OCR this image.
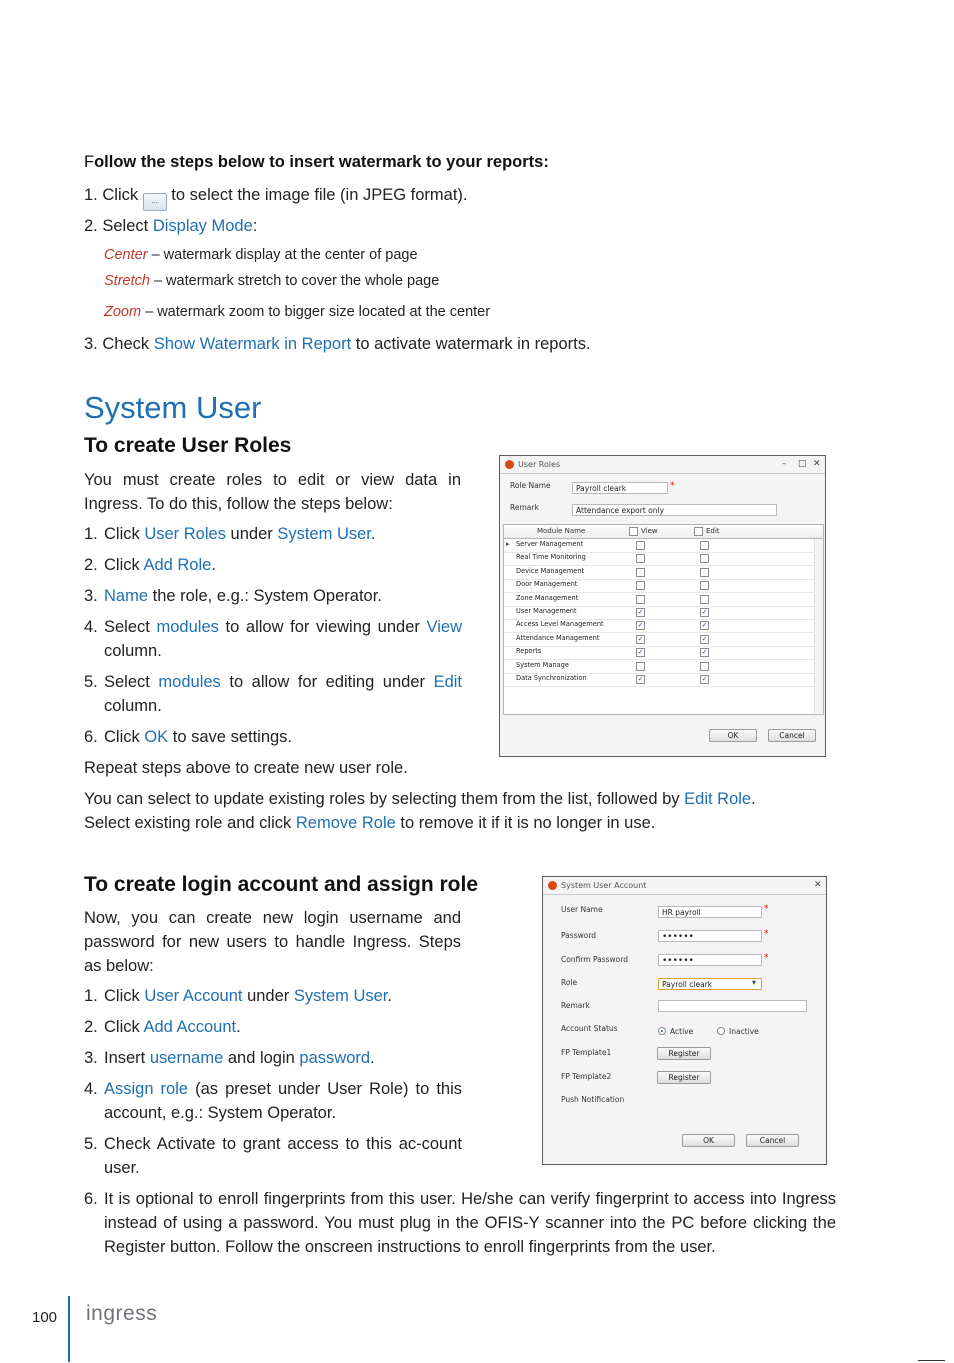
Follow the steps below to insert watermark to your reports:
1. Click ... to select the image file (in JPEG format).
2. Select Display Mode:
Center – watermark display at the center of page
Stretch – watermark stretch to cover the whole page
Zoom – watermark zoom to bigger size located at the center
3. Check Show Watermark in Report to activate watermark in reports.
System User
To create User Roles
You must create roles to edit or view data in Ingress. To do this, follow the steps below:
1. Click User Roles under System User.
2. Click Add Role.
3. Name the role, e.g.: System Operator.
4. Select modules to allow for viewing under View column.
5. Select modules to allow for editing under Edit column.
6. Click OK to save settings.
Repeat steps above to create new user role.
You can select to update existing roles by selecting them from the list, followed by Edit Role.
Select existing role and click Remove Role to remove it if it is no longer in use.
User Roles	– □ ✕
Role Name	Payroll cleark	*
Remark	Attendance export only
Module Name	View	Edit
▸ Server Management
Real Time Monitoring
Device Management
Door Management
Zone Management
User Management	✓	✓
Access Level Management	✓	✓
Attendance Management	✓	✓
Reports	✓	✓
System Manage
Data Synchronization	✓	✓
OK	Cancel
To create login account and assign role
Now, you can create new login username and password for new users to handle Ingress. Steps as below:
1. Click User Account under System User.
2. Click Add Account.
3. Insert username and login password.
4. Assign role (as preset under User Role) to this account, e.g.: System Operator.
5. Check Activate to grant access to this ac-count user.
6. It is optional to enroll fingerprints from this user. He/she can verify fingerprint to access into Ingress instead of using a password. You must plug in the OFIS-Y scanner into the PC before clicking the Register button. Follow the onscreen instructions to enroll fingerprints from the user.
System User Account	✕
User Name	HR payroll	*
Password	••••••	*
Confirm Password	••••••	*
Role	Payroll cleark	▾
Remark
Account Status	Active	Inactive
FP Template1	Register
FP Template2	Register
Push Notification
OK	Cancel
100 ingress
